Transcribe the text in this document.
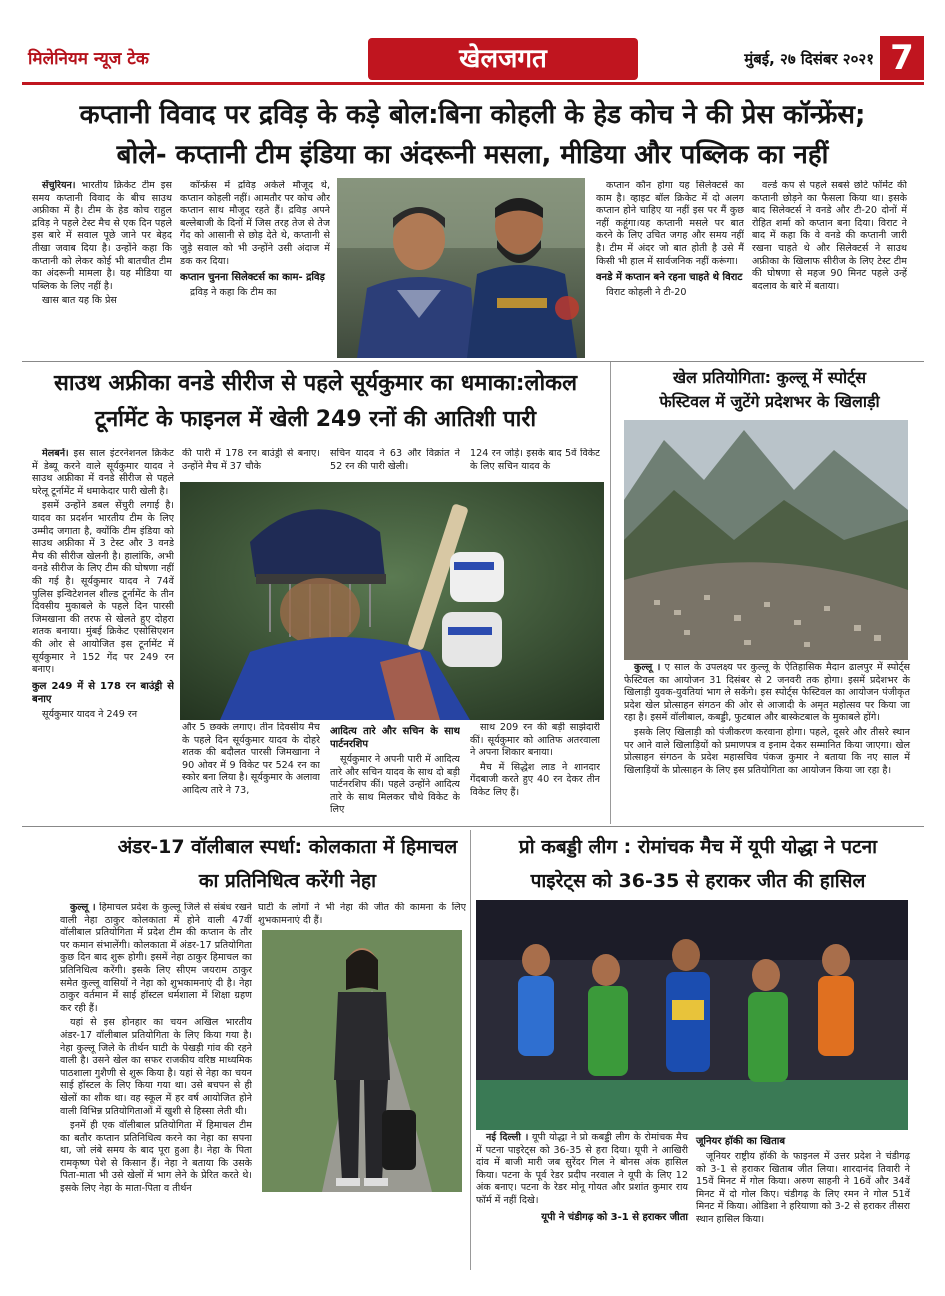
मिलेनियम न्यूज टेक	खेलजगत	मुंबई, २७ दिसंबर २०२१ 7
कप्तानी विवाद पर द्रविड़ के कड़े बोल:बिना कोहली के हेड कोच ने की प्रेस कॉन्फ्रेंस;
बोले- कप्तानी टीम इंडिया का अंदरूनी मसला, मीडिया और पब्लिक का नहीं

सेंचुरियन। भारतीय क्रिकेट टीम इस समय कप्तानी विवाद के बीच साउथ अफ्रीका में है। टीम के हेड कोच राहुल द्रविड़ ने पहले टेस्ट मैच से एक दिन पहले इस बारे में सवाल पूछे जाने पर बेहद तीखा जवाब दिया है। उन्होंने कहा कि कप्तानी को लेकर कोई भी बातचीत टीम का अंदरूनी मामला है। यह मीडिया या पब्लिक के लिए नहीं है।

खास बात यह कि प्रेस

कॉन्फ्रेंस में द्रविड़ अकेले मौजूद थे, कप्तान कोहली नहीं। आमतौर पर कोच और कप्तान साथ मौजूद रहते हैं। द्रविड़ अपने बल्लेबाजी के दिनों में जिस तरह तेज से तेज गेंद को आसानी से छोड़ देते थे, कप्तानी से जुड़े सवाल को भी उन्होंने उसी अंदाज में डक कर दिया।

कप्तान चुनना सिलेक्टर्स का काम- द्रविड़

द्रविड़ ने कहा कि टीम का

कप्तान कौन होगा यह सिलेक्टर्स का काम है। व्हाइट बॉल क्रिकेट में दो अलग कप्तान होने चाहिए या नहीं इस पर मैं कुछ नहीं कहूंगा।यह कप्तानी मसले पर बात करने के लिए उचित जगह और समय नहीं है। टीम में अंदर जो बात होती है उसे मैं किसी भी हाल में सार्वजनिक नहीं करूंगा।

वनडे में कप्तान बने रहना चाहते थे विराट

विराट कोहली ने टी-20

वर्ल्ड कप से पहले सबसे छोटे फॉर्मेट की कप्तानी छोड़ने का फैसला किया था। इसके बाद सिलेक्टर्स ने वनडे और टी-20 दोनों में रोहित शर्मा को कप्तान बना दिया। विराट ने बाद में कहा कि वे वनडे की कप्तानी जारी रखना चाहते थे और सिलेक्टर्स ने साउथ अफ्रीका के खिलाफ सीरीज के लिए टेस्ट टीम की घोषणा से महज 90 मिनट पहले उन्हें बदलाव के बारे में बताया।

साउथ अफ्रीका वनडे सीरीज से पहले सूर्यकुमार का धमाका:लोकल
टूर्नामेंट के फाइनल में खेली 249 रनों की आतिशी पारी

मेलबर्न। इस साल इंटरनेशनल क्रिकेट में डेब्यू करने वाले सूर्यकुमार यादव ने साउथ अफ्रीका में वनडे सीरीज से पहले घरेलू टूर्नामेंट में धमाकेदार पारी खेली है।

इसमें उन्होंने डबल सेंचुरी लगाई है। यादव का प्रदर्शन भारतीय टीम के लिए उम्मीद जगाता है, क्योंकि टीम इंडिया को साउथ अफ्रीका में 3 टेस्ट और 3 वनडे मैच की सीरीज खेलनी है। हालांकि, अभी वनडे सीरीज के लिए टीम की घोषणा नहीं की गई है। सूर्यकुमार यादव ने 74वें पुलिस इन्विटेशनल शील्ड टूर्नामेंट के तीन दिवसीय मुकाबले के पहले दिन पारसी जिमखाना की तरफ से खेलते हुए दोहरा शतक बनाया। मुंबई क्रिकेट एसोसिएशन की ओर से आयोजित इस टूर्नामेंट में सूर्यकुमार ने 152 गेंद पर 249 रन बनाए।

कुल 249 में से 178 रन बाउंड्री से बनाए

सूर्यकुमार यादव ने 249 रन

की पारी में 178 रन बाउंड्री से बनाए। उन्होंने मैच में 37 चौके
सचिन यादव ने 63 और विक्रांत ने 52 रन की पारी खेली।
124 रन जोड़े। इसके बाद 5वें विकेट के लिए सचिन यादव के
और 5 छक्के लगाए। तीन दिवसीय मैच के पहले दिन सूर्यकुमार यादव के दोहरे शतक की बदौलत पारसी जिमखाना ने 90 ओवर में 9 विकेट पर 524 रन का स्कोर बना लिया है। सूर्यकुमार के अलावा आदित्य तारे ने 73,
आदित्य तारे और सचिन के साथ पार्टनरशिप

सूर्यकुमार ने अपनी पारी में आदित्य तारे और सचिन यादव के साथ दो बड़ी पार्टनरशिप कीं। पहले उन्होंने आदित्य तारे के साथ मिलकर चौथे विकेट के लिए

साथ 209 रन की बड़ी साझेदारी कीं। सूर्यकुमार को आतिफ अतरवाला ने अपना शिकार बनाया।

मैच में सिद्धेश लाड ने शानदार गेंदबाजी करते हुए 40 रन देकर तीन विकेट लिए हैं।

खेल प्रतियोगिता: कुल्लू में स्पोर्ट्स
फेस्टिवल में जुटेंगे प्रदेशभर के खिलाड़ी

कुल्लू । ए साल के उपलक्ष्य पर कुल्लू के ऐतिहासिक मैदान ढालपुर में स्पोर्ट्स फेस्टिवल का आयोजन 31 दिसंबर से 2 जनवरी तक होगा। इसमें प्रदेशभर के खिलाड़ी युवक-युवतियां भाग ले सकेंगे। इस स्पोर्ट्स फेस्टिवल का आयोजन पंजीकृत प्रदेश खेल प्रोत्साहन संगठन की ओर से आजादी के अमृत महोत्सव पर किया जा रहा है। इसमें वॉलीबाल, कबड्डी, फुटबाल और बास्केटबाल के मुकाबले होंगे।

इसके लिए खिलाड़ी को पंजीकरण करवाना होगा। पहले, दूसरे और तीसरे स्थान पर आने वाले खिलाड़ियों को प्रमाणपत्र व इनाम देकर सम्मानित किया जाएगा। खेल प्रोत्साहन संगठन के प्रदेश महासचिव पंकज कुमार ने बताया कि नए साल में खिलाड़ियों के प्रोत्साहन के लिए इस प्रतियोगिता का आयोजन किया जा रहा है।

अंडर-17 वॉलीबाल स्पर्धा: कोलकाता में हिमाचल
का प्रतिनिधित्व करेंगी नेहा

कुल्लू । हिमाचल प्रदेश के कुल्लू जिले से संबंध रखने वाली नेहा ठाकुर कोलकाता में होने वाली 47वीं वॉलीबाल प्रतियोगिता में प्रदेश टीम की कप्तान के तौर पर कमान संभालेंगी। कोलकाता में अंडर-17 प्रतियोगिता कुछ दिन बाद शुरू होगी। इसमें नेहा ठाकुर हिमाचल का प्रतिनिधित्व करेंगी। इसके लिए सीएम जयराम ठाकुर समेत कुल्लू वासियों ने नेहा को शुभकामनाएं दी है। नेहा ठाकुर वर्तमान में साई हॉस्टल धर्मशाला में शिक्षा ग्रहण कर रही हैं।

यहां से इस होनहार का चयन अखिल भारतीय अंडर-17 वॉलीबाल प्रतियोगिता के लिए किया गया है। नेहा कुल्लू जिले के तीर्थन घाटी के पेखड़ी गांव की रहने वाली है। उसने खेल का सफर राजकीय वरिष्ठ माध्यमिक पाठशाला गुशैणी से शुरू किया है। यहां से नेहा का चयन साई हॉस्टल के लिए किया गया था। उसे बचपन से ही खेलों का शौक था। वह स्कूल में हर वर्ष आयोजित होने वाली विभिन्न प्रतियोगिताओं में खुशी से हिस्सा लेती थी।

इनमें ही एक वॉलीबाल प्रतियोगिता में हिमाचल टीम का बतौर कप्तान प्रतिनिधित्व करने का नेहा का सपना था, जो लंबे समय के बाद पूरा हुआ है। नेहा के पिता रामकृष्ण पेशे से किसान हैं। नेहा ने बताया कि उसके पिता-माता भी उसे खेलों में भाग लेने के प्रेरित करते थे। इसके लिए नेहा के माता-पिता व तीर्थन

घाटी के लोगों ने भी नेहा की जीत की कामना के लिए शुभकामनाएं दी हैं।
प्रो कबड्डी लीग : रोमांचक मैच में यूपी योद्धा ने पटना
पाइरेट्स को 36-35 से हराकर जीत की हासिल

नई दिल्ली । यूपी योद्धा ने प्रो कबड्डी लीग के रोमांचक मैच में पटना पाइरेट्स को 36-35 से हरा दिया। यूपी ने आखिरी दांव में बाजी मारी जब सुरेंदर गिल ने बोनस अंक हासिल किया। पटना के पूर्व रेडर प्रदीप नरवाल ने यूपी के लिए 12 अंक बनाए। पटना के रेडर मोनू गोयत और प्रशांत कुमार राय फॉर्म में नहीं दिखे।

यूपी ने चंडीगढ़ को 3-1 से हराकर जीता
जूनियर हॉकी का खिताब

जूनियर राष्ट्रीय हॉकी के फाइनल में उत्तर प्रदेश ने चंडीगढ़ को 3-1 से हराकर खिताब जीत लिया। शारदानंद तिवारी ने 15वें मिनट में गोल किया। अरुण साहनी ने 16वें और 34वें मिनट में दो गोल किए। चंडीगढ़ के लिए रमन ने गोल 51वें मिनट में किया। ओडिशा ने हरियाणा को 3-2 से हराकर तीसरा स्थान हासिल किया।
